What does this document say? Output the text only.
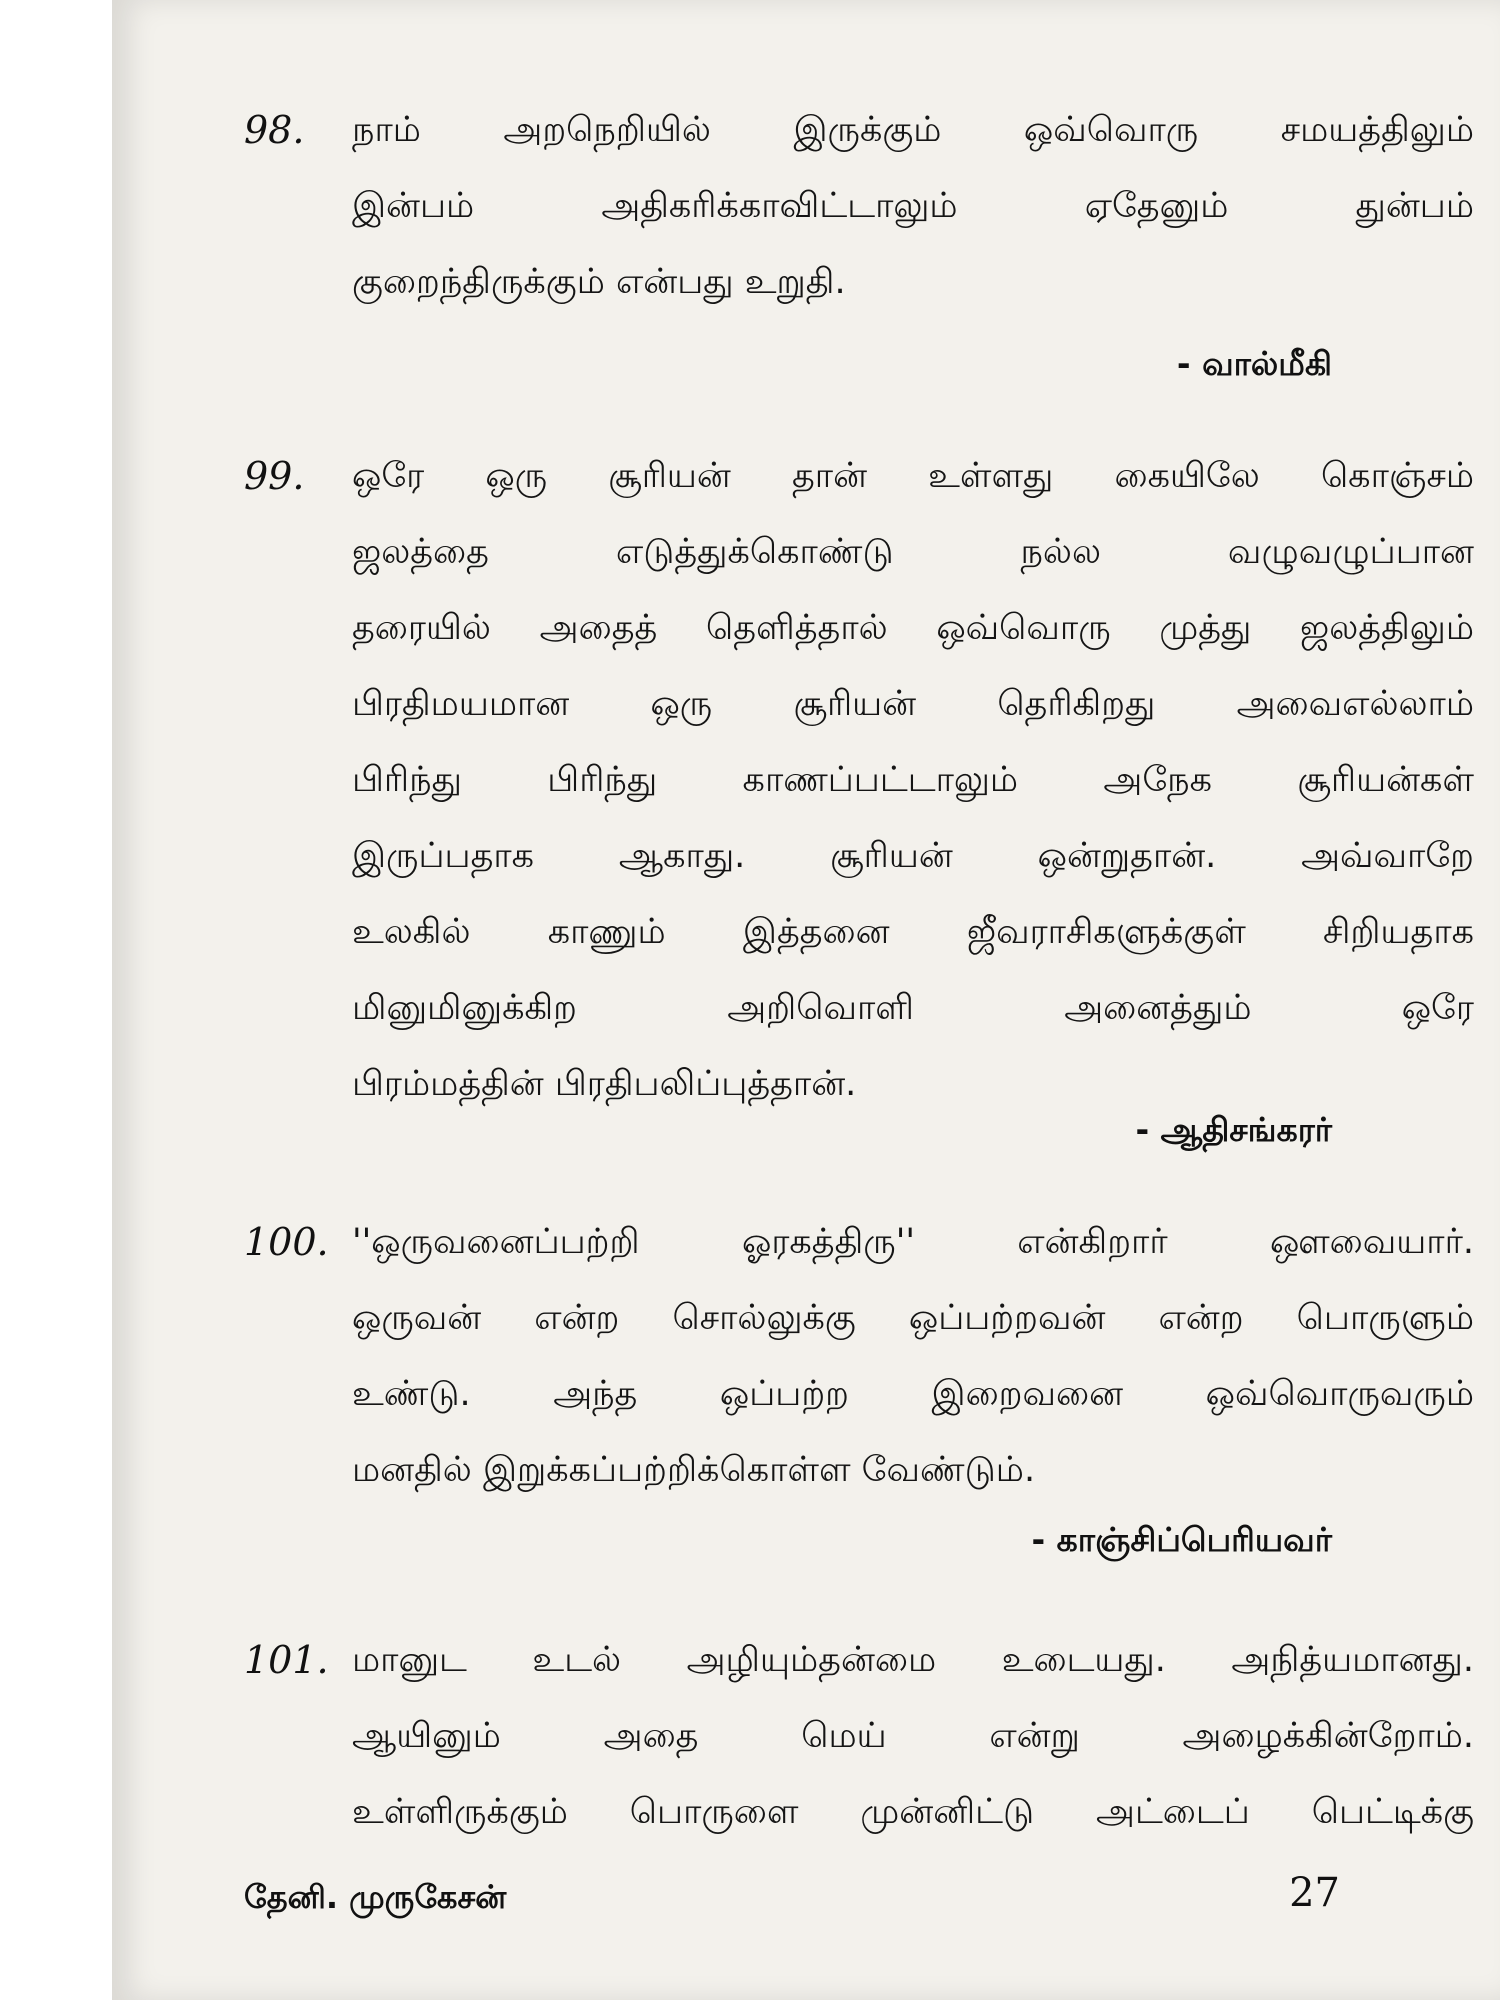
98. நாம் அறநெறியில் இருக்கும் ஒவ்வொரு சமயத்திலும்
இன்பம் அதிகரிக்காவிட்டாலும் ஏதேனும் துன்பம்
குறைந்திருக்கும் என்பது உறுதி.
- வால்மீகி
99. ஒரே ஒரு சூரியன் தான் உள்ளது கையிலே கொஞ்சம்
ஜலத்தை எடுத்துக்கொண்டு நல்ல வழுவழுப்பான
தரையில் அதைத் தெளித்தால் ஒவ்வொரு முத்து ஜலத்திலும்
பிரதிமயமான ஒரு சூரியன் தெரிகிறது அவைஎல்லாம்
பிரிந்து பிரிந்து காணப்பட்டாலும் அநேக சூரியன்கள்
இருப்பதாக ஆகாது. சூரியன் ஒன்றுதான். அவ்வாறே
உலகில் காணும் இத்தனை ஜீவராசிகளுக்குள் சிறியதாக
மினுமினுக்கிற அறிவொளி அனைத்தும் ஒரே
பிரம்மத்தின் பிரதிபலிப்புத்தான்.
- ஆதிசங்கரர்
100. ''ஒருவனைப்பற்றி ஓரகத்திரு'' என்கிறார் ஔவையார்.
ஒருவன் என்ற சொல்லுக்கு ஒப்பற்றவன் என்ற பொருளும்
உண்டு. அந்த ஒப்பற்ற இறைவனை ஒவ்வொருவரும்
மனதில் இறுக்கப்பற்றிக்கொள்ள வேண்டும்.
- காஞ்சிப்பெரியவர்
101. மானுட உடல் அழியும்தன்மை உடையது. அநித்யமானது.
ஆயினும் அதை மெய் என்று அழைக்கின்றோம்.
உள்ளிருக்கும் பொருளை முன்னிட்டு அட்டைப் பெட்டிக்கு
தேனி. முருகேசன்	27
